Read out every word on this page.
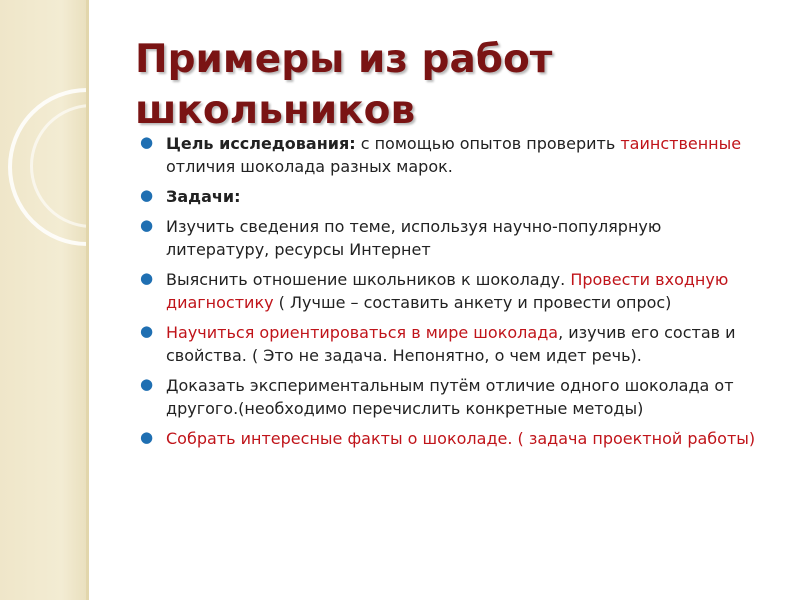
Примеры из работ школьников
● Цель исследования: с помощью опытов проверить таинственные отличия шоколада разных марок.
● Задачи:
● Изучить сведения по теме, используя научно-популярную литературу, ресурсы Интернет
● Выяснить отношение школьников к шоколаду. Провести входную диагностику ( Лучше – составить анкету и провести опрос)
● Научиться ориентироваться в мире шоколада, изучив его состав и свойства. ( Это не задача. Непонятно, о чем идет речь).
● Доказать экспериментальным путём отличие одного шоколада от другого.(необходимо перечислить конкретные методы)
● Собрать интересные факты о шоколаде. ( задача проектной работы)
